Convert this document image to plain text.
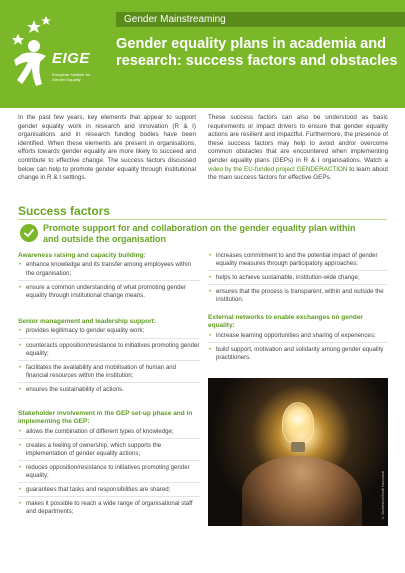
EIGE
European Institute for Gender Equality
Gender Mainstreaming
Gender equality plans in academia and research: success factors and obstacles
In the past few years, key elements that appear to support gender equality work in research and innovation (R & I) organisations and in research funding bodies have been identified. When these elements are present in organisations, efforts towards gender equality are more likely to succeed and contribute to effective change. The success factors discussed below can help to promote gender equality through institutional change in R & I settings.
These success factors can also be understood as basic requirements or impact drivers to ensure that gender equality actions are resilient and impactful. Furthermore, the presence of these success factors may help to avoid and/or overcome common obstacles that are encountered when implementing gender equality plans (GEPs) in R & I organisations. Watch a video by the EU-funded project GENDERACTION to learn about the main success factors for effective GEPs.
Success factors
Promote support for and collaboration on the gender equality plan within and outside the organisation
Awareness raising and capacity building:
• enhance knowledge and its transfer among employees within the organisation;
• ensure a common understanding of what promoting gender equality through institutional change means.
Senior management and leadership support:
• provides legitimacy to gender equality work;
• counteracts opposition/resistance to initiatives promoting gender equality;
• facilitates the availability and mobilisation of human and financial resources within the institution;
• ensures the sustainability of actions.
Stakeholder involvement in the GEP set-up phase and in implementing the GEP:
• allows the combination of different types of knowledge;
• creates a feeling of ownership, which supports the implementation of gender equality actions;
• reduces opposition/resistance to initiatives promoting gender equality;
• guarantees that tasks and responsibilities are shared;
• makes it possible to reach a wide range of organisational staff and departments;
• increases commitment to and the potential impact of gender equality measures through participatory approaches;
• helps to achieve sustainable, institution-wide change;
• ensures that the process is transparent, within and outside the institution.
External networks to enable exchanges on gender equality:
• increase learning opportunities and sharing of experiences;
• build support, motivation and solidarity among gender equality practitioners.
© Shutterstock/Kamil Kaurzowski
